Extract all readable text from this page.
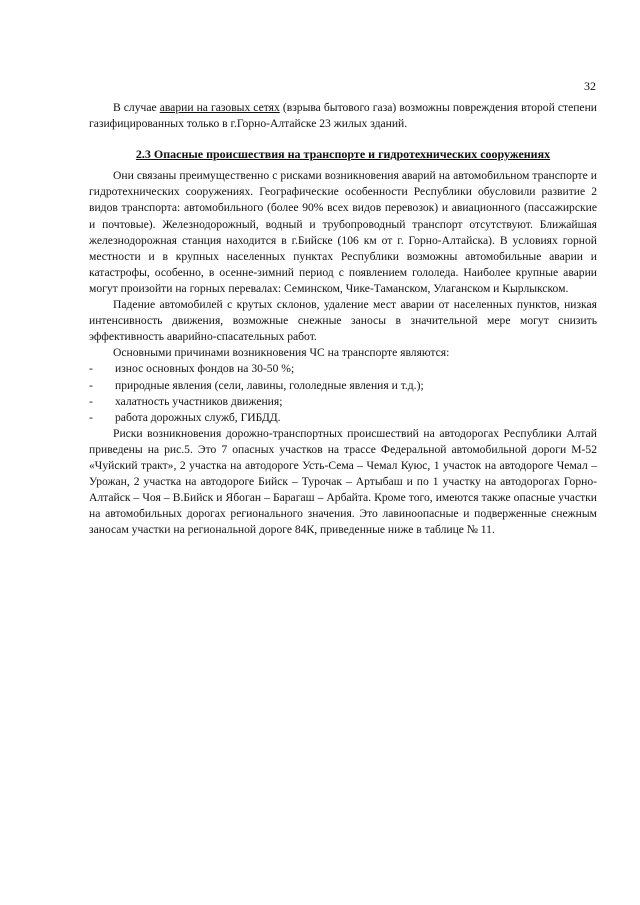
32

В случае аварии на газовых сетях (взрыва бытового газа) возможны повреждения второй степени газифицированных только в г.Горно-Алтайске 23 жилых зданий.

2.3 Опасные происшествия на транспорте и гидротехнических сооружениях

Они связаны преимущественно с рисками возникновения аварий на автомобильном транспорте и гидротехнических сооружениях. Географические особенности Республики обусловили развитие 2 видов транспорта: автомобильного (более 90% всех видов перевозок) и авиационного (пассажирские и почтовые). Железнодорожный, водный и трубопроводный транспорт отсутствуют. Ближайшая железнодорожная станция находится в г.Бийске (106 км от г. Горно-Алтайска). В условиях горной местности и в крупных населенных пунктах Республики возможны автомобильные аварии и катастрофы, особенно, в осенне-зимний период с появлением гололеда. Наиболее крупные аварии могут произойти на горных перевалах: Семинском, Чике-Таманском, Улаганском и Кырлыкском.

Падение автомобилей с крутых склонов, удаление мест аварии от населенных пунктов, низкая интенсивность движения, возможные снежные заносы в значительной мере могут снизить эффективность аварийно-спасательных работ.

Основными причинами возникновения ЧС на транспорте являются:

-	износ основных фондов на 30-50 %;
-	природные явления (сели, лавины, гололедные явления и т.д.);
-	халатность участников движения;
-	работа дорожных служб, ГИБДД.

Риски возникновения дорожно-транспортных происшествий на автодорогах Республики Алтай приведены на рис.5. Это 7 опасных участков на трассе Федеральной автомобильной дороги М-52 «Чуйский тракт», 2 участка на автодороге Усть-Сема – Чемал Куюс, 1 участок на автодороге Чемал – Урожан, 2 участка на автодороге Бийск – Турочак – Артыбаш и по 1 участку на автодорогах Горно-Алтайск – Чоя – В.Бийск и Ябоган – Барагаш – Арбайта. Кроме того, имеются также опасные участки на автомобильных дорогах регионального значения. Это лавиноопасные и подверженные снежным заносам участки на региональной дороге 84К, приведенные ниже в таблице № 11.
